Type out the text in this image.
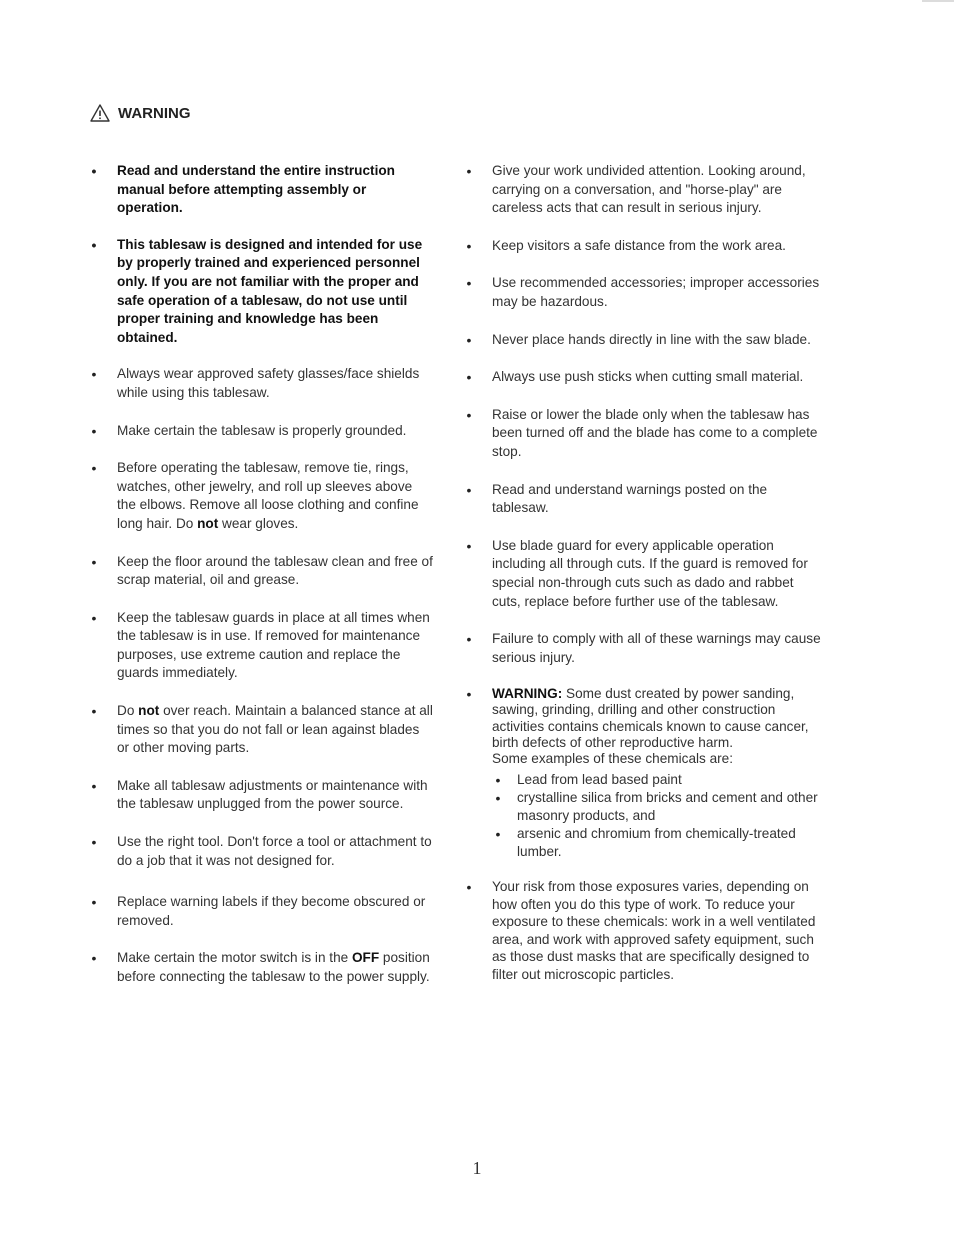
WARNING
• Read and understand the entire instruction manual before attempting assembly or operation.
• This tablesaw is designed and intended for use by properly trained and experienced personnel only. If you are not familiar with the proper and safe operation of a tablesaw, do not use until proper training and knowledge has been obtained.
• Always wear approved safety glasses/face shields while using this tablesaw.
• Make certain the tablesaw is properly grounded.
• Before operating the tablesaw, remove tie, rings, watches, other jewelry, and roll up sleeves above the elbows. Remove all loose clothing and confine long hair. Do not wear gloves.
• Keep the floor around the tablesaw clean and free of scrap material, oil and grease.
• Keep the tablesaw guards in place at all times when the tablesaw is in use. If removed for maintenance purposes, use extreme caution and replace the guards immediately.
• Do not over reach. Maintain a balanced stance at all times so that you do not fall or lean against blades or other moving parts.
• Make all tablesaw adjustments or maintenance with the tablesaw unplugged from the power source.
• Use the right tool. Don't force a tool or attachment to do a job that it was not designed for.
• Replace warning labels if they become obscured or removed.
• Make certain the motor switch is in the OFF position before connecting the tablesaw to the power supply.
• Give your work undivided attention. Looking around, carrying on a conversation, and "horse-play" are careless acts that can result in serious injury.
• Keep visitors a safe distance from the work area.
• Use recommended accessories; improper accessories may be hazardous.
• Never place hands directly in line with the saw blade.
• Always use push sticks when cutting small material.
• Raise or lower the blade only when the tablesaw has been turned off and the blade has come to a complete stop.
• Read and understand warnings posted on the tablesaw.
• Use blade guard for every applicable operation including all through cuts. If the guard is removed for special non-through cuts such as dado and rabbet cuts, replace before further use of the tablesaw.
• Failure to comply with all of these warnings may cause serious injury.
• WARNING: Some dust created by power sanding, sawing, grinding, drilling and other construction activities contains chemicals known to cause cancer, birth defects of other reproductive harm.
Some examples of these chemicals are:
• Lead from lead based paint
• crystalline silica from bricks and cement and other masonry products, and
• arsenic and chromium from chemically-treated lumber.
• Your risk from those exposures varies, depending on how often you do this type of work. To reduce your exposure to these chemicals: work in a well ventilated area, and work with approved safety equipment, such as those dust masks that are specifically designed to filter out microscopic particles.
1
